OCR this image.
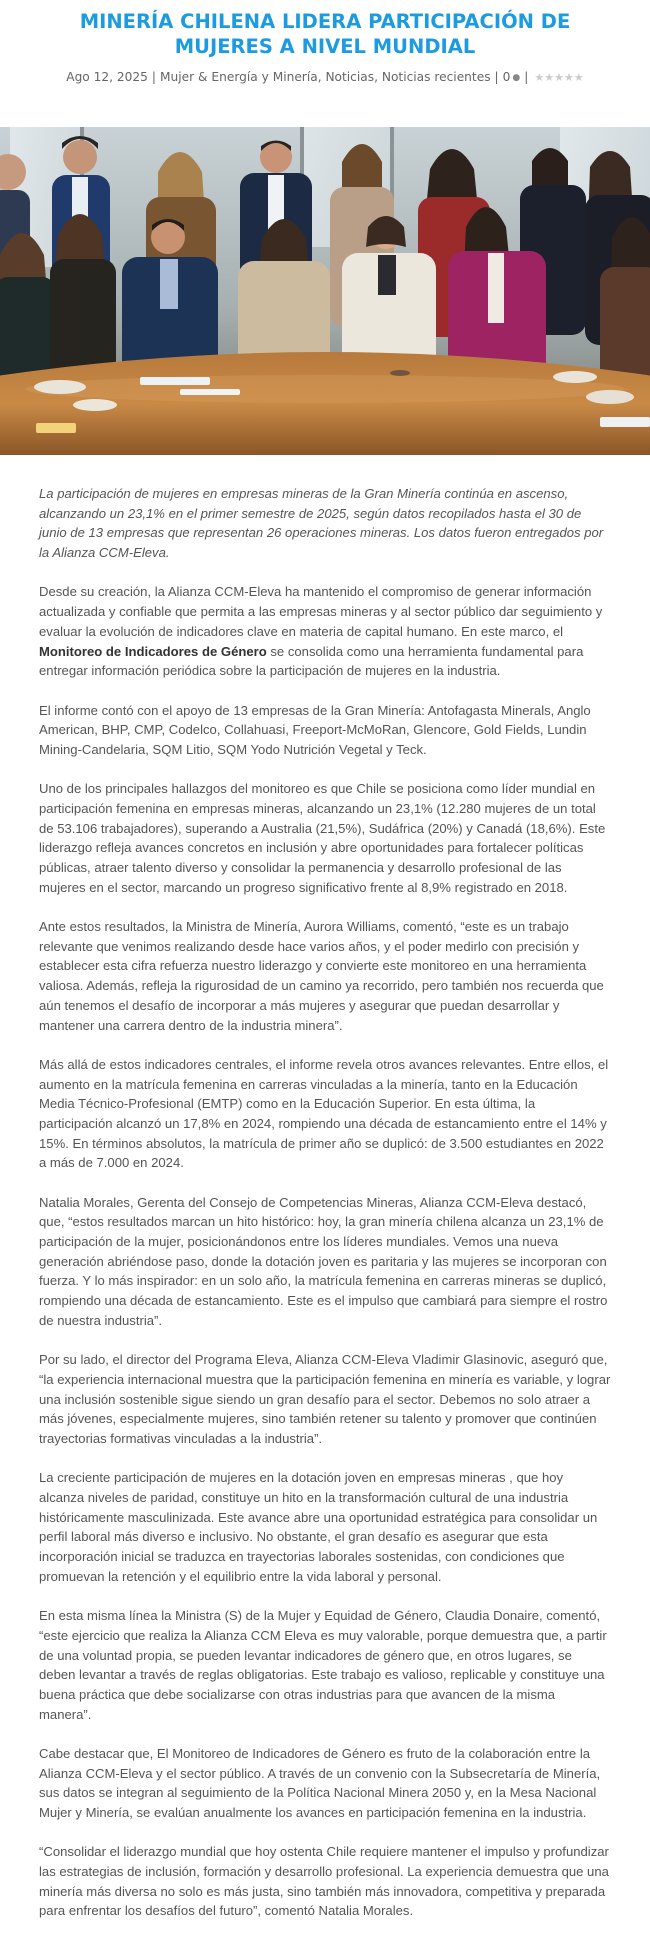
MINERÍA CHILENA LIDERA PARTICIPACIÓN DE MUJERES A NIVEL MUNDIAL
Ago 12, 2025 | Mujer & Energía y Minería, Noticias, Noticias recientes | 0 ● | ★★★★★

La participación de mujeres en empresas mineras de la Gran Minería continúa en ascenso, alcanzando un 23,1% en el primer semestre de 2025, según datos recopilados hasta el 30 de junio de 13 empresas que representan 26 operaciones mineras. Los datos fueron entregados por la Alianza CCM-Eleva.

Desde su creación, la Alianza CCM-Eleva ha mantenido el compromiso de generar información actualizada y confiable que permita a las empresas mineras y al sector público dar seguimiento y evaluar la evolución de indicadores clave en materia de capital humano. En este marco, el Monitoreo de Indicadores de Género se consolida como una herramienta fundamental para entregar información periódica sobre la participación de mujeres en la industria.

El informe contó con el apoyo de 13 empresas de la Gran Minería: Antofagasta Minerals, Anglo American, BHP, CMP, Codelco, Collahuasi, Freeport-McMoRan, Glencore, Gold Fields, Lundin Mining-Candelaria, SQM Litio, SQM Yodo Nutrición Vegetal y Teck.

Uno de los principales hallazgos del monitoreo es que Chile se posiciona como líder mundial en participación femenina en empresas mineras, alcanzando un 23,1% (12.280 mujeres de un total de 53.106 trabajadores), superando a Australia (21,5%), Sudáfrica (20%) y Canadá (18,6%). Este liderazgo refleja avances concretos en inclusión y abre oportunidades para fortalecer políticas públicas, atraer talento diverso y consolidar la permanencia y desarrollo profesional de las mujeres en el sector, marcando un progreso significativo frente al 8,9% registrado en 2018.

Ante estos resultados, la Ministra de Minería, Aurora Williams, comentó, “este es un trabajo relevante que venimos realizando desde hace varios años, y el poder medirlo con precisión y establecer esta cifra refuerza nuestro liderazgo y convierte este monitoreo en una herramienta valiosa. Además, refleja la rigurosidad de un camino ya recorrido, pero también nos recuerda que aún tenemos el desafío de incorporar a más mujeres y asegurar que puedan desarrollar y mantener una carrera dentro de la industria minera”.

Más allá de estos indicadores centrales, el informe revela otros avances relevantes. Entre ellos, el aumento en la matrícula femenina en carreras vinculadas a la minería, tanto en la Educación Media Técnico-Profesional (EMTP) como en la Educación Superior. En esta última, la participación alcanzó un 17,8% en 2024, rompiendo una década de estancamiento entre el 14% y 15%. En términos absolutos, la matrícula de primer año se duplicó: de 3.500 estudiantes en 2022 a más de 7.000 en 2024.

Natalia Morales, Gerenta del Consejo de Competencias Mineras, Alianza CCM-Eleva destacó, que, “estos resultados marcan un hito histórico: hoy, la gran minería chilena alcanza un 23,1% de participación de la mujer, posicionándonos entre los líderes mundiales. Vemos una nueva generación abriéndose paso, donde la dotación joven es paritaria y las mujeres se incorporan con fuerza. Y lo más inspirador: en un solo año, la matrícula femenina en carreras mineras se duplicó, rompiendo una década de estancamiento. Este es el impulso que cambiará para siempre el rostro de nuestra industria”.

Por su lado, el director del Programa Eleva, Alianza CCM-Eleva Vladimir Glasinovic, aseguró que, “la experiencia internacional muestra que la participación femenina en minería es variable, y lograr una inclusión sostenible sigue siendo un gran desafío para el sector. Debemos no solo atraer a más jóvenes, especialmente mujeres, sino también retener su talento y promover que continúen trayectorias formativas vinculadas a la industria”.

La creciente participación de mujeres en la dotación joven en empresas mineras , que hoy alcanza niveles de paridad, constituye un hito en la transformación cultural de una industria históricamente masculinizada. Este avance abre una oportunidad estratégica para consolidar un perfil laboral más diverso e inclusivo. No obstante, el gran desafío es asegurar que esta incorporación inicial se traduzca en trayectorias laborales sostenidas, con condiciones que promuevan la retención y el equilibrio entre la vida laboral y personal.

En esta misma línea la Ministra (S) de la Mujer y Equidad de Género, Claudia Donaire, comentó, “este ejercicio que realiza la Alianza CCM Eleva es muy valorable, porque demuestra que, a partir de una voluntad propia, se pueden levantar indicadores de género que, en otros lugares, se deben levantar a través de reglas obligatorias. Este trabajo es valioso, replicable y constituye una buena práctica que debe socializarse con otras industrias para que avancen de la misma manera”.

Cabe destacar que, El Monitoreo de Indicadores de Género es fruto de la colaboración entre la Alianza CCM-Eleva y el sector público. A través de un convenio con la Subsecretaría de Minería, sus datos se integran al seguimiento de la Política Nacional Minera 2050 y, en la Mesa Nacional Mujer y Minería, se evalúan anualmente los avances en participación femenina en la industria.

“Consolidar el liderazgo mundial que hoy ostenta Chile requiere mantener el impulso y profundizar las estrategias de inclusión, formación y desarrollo profesional. La experiencia demuestra que una minería más diversa no solo es más justa, sino también más innovadora, competitiva y preparada para enfrentar los desafíos del futuro”, comentó Natalia Morales.
